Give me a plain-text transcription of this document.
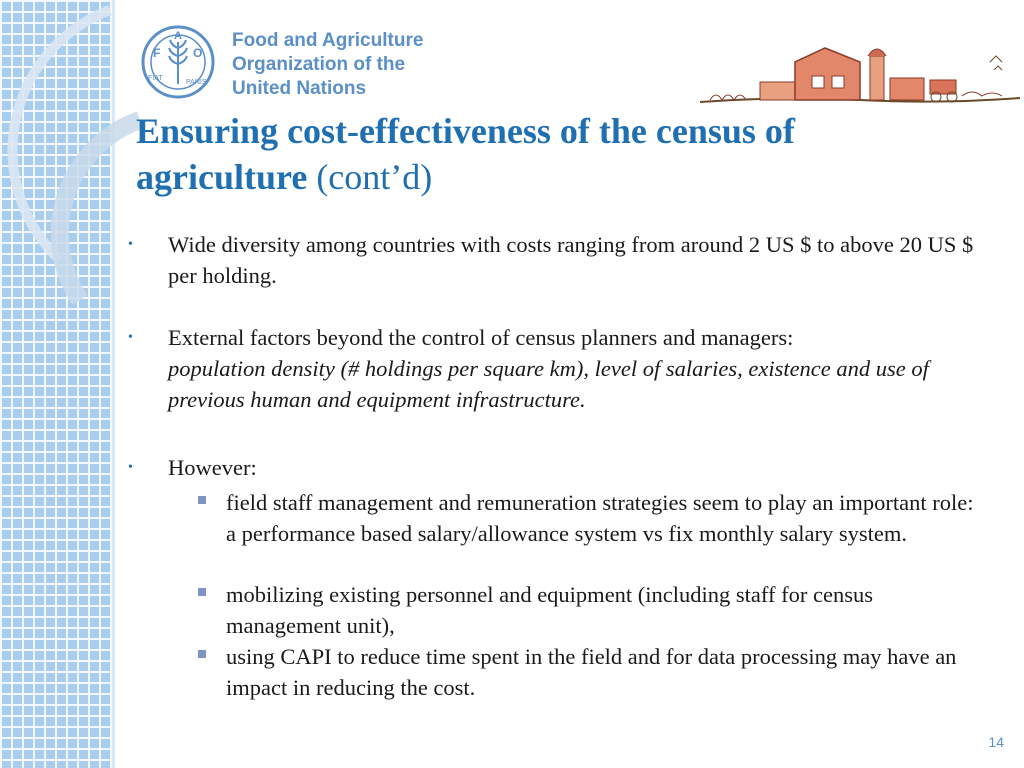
F
A
O
FIAT
PANIS
Food and Agriculture
Organization of the
United Nations
Ensuring cost-effectiveness of the census of agriculture (cont’d)
• Wide diversity among countries with costs ranging from around 2 US $ to above 20 US $ per holding.
• External factors beyond the control of census planners and managers:
population density (# holdings per square km), level of salaries, existence and use of previous human and equipment infrastructure.
• However:
field staff management and remuneration strategies seem to play an important role: a performance based salary/allowance system vs fix monthly salary system.
mobilizing existing personnel and equipment (including staff for census management unit),
using CAPI to reduce time spent in the field and for data processing may have an impact in reducing the cost.
14
